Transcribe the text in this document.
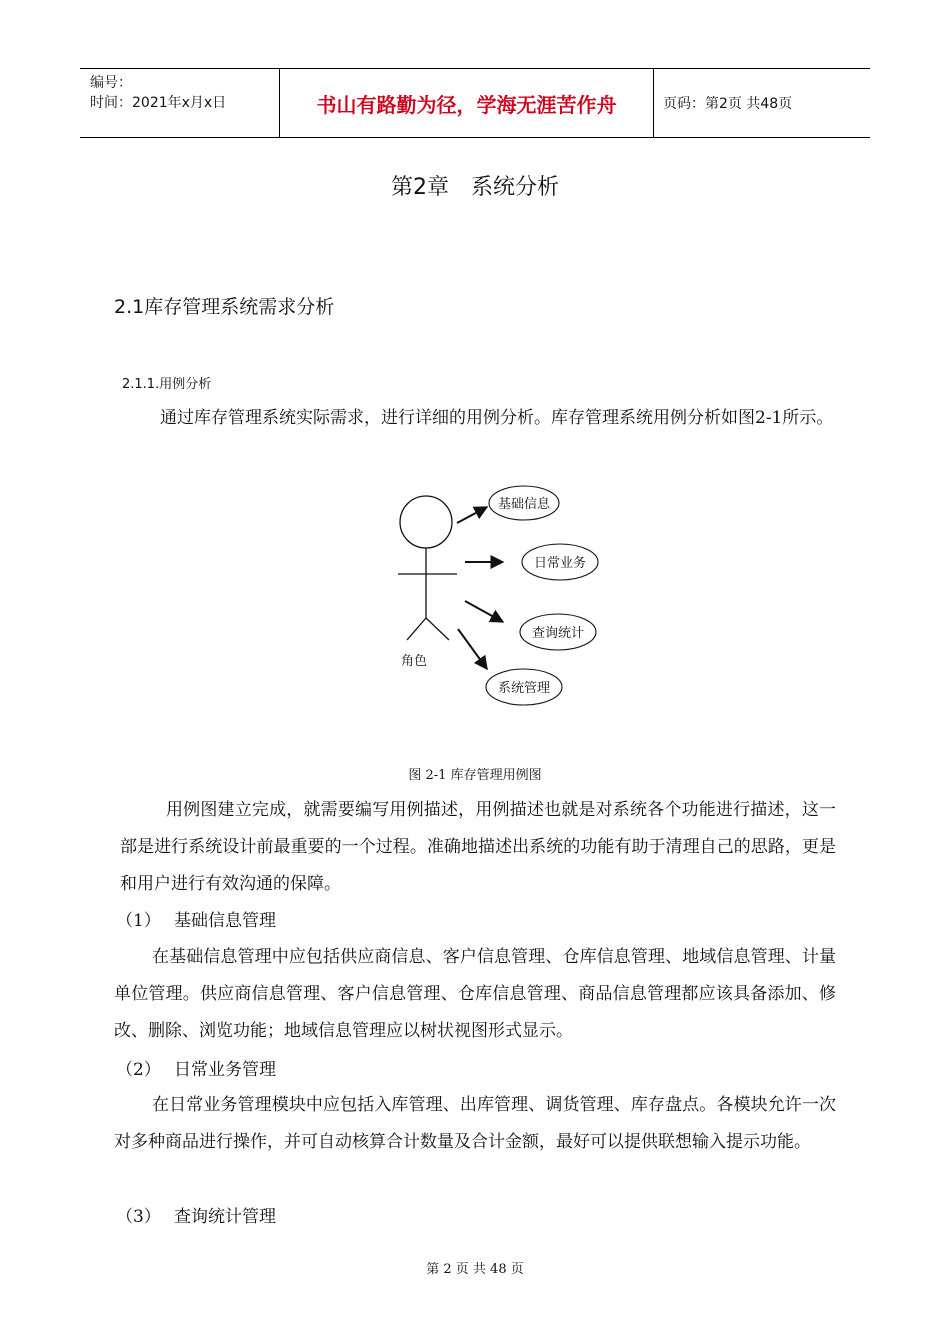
编号：
时间：2021年x月x日	书山有路勤为径，学海无涯苦作舟	页码：第2页 共48页
第2章 系统分析
2.1库存管理系统需求分析
2.1.1.用例分析
通过库存管理系统实际需求，进行详细的用例分析。库存管理系统用例分析如图2-1所示。
角色
基础信息
日常业务
查询统计
系统管理
图 2-1 库存管理用例图
用例图建立完成，就需要编写用例描述，用例描述也就是对系统各个功能进行描述，这一部是进行系统设计前最重要的一个过程。准确地描述出系统的功能有助于清理自己的思路，更是和用户进行有效沟通的保障。
（1） 基础信息管理
在基础信息管理中应包括供应商信息、客户信息管理、仓库信息管理、地域信息管理、计量单位管理。供应商信息管理、客户信息管理、仓库信息管理、商品信息管理都应该具备添加、修改、删除、浏览功能；地域信息管理应以树状视图形式显示。
（2） 日常业务管理
在日常业务管理模块中应包括入库管理、出库管理、调货管理、库存盘点。各模块允许一次对多种商品进行操作，并可自动核算合计数量及合计金额，最好可以提供联想输入提示功能。
（3） 查询统计管理
第 2 页 共 48 页
